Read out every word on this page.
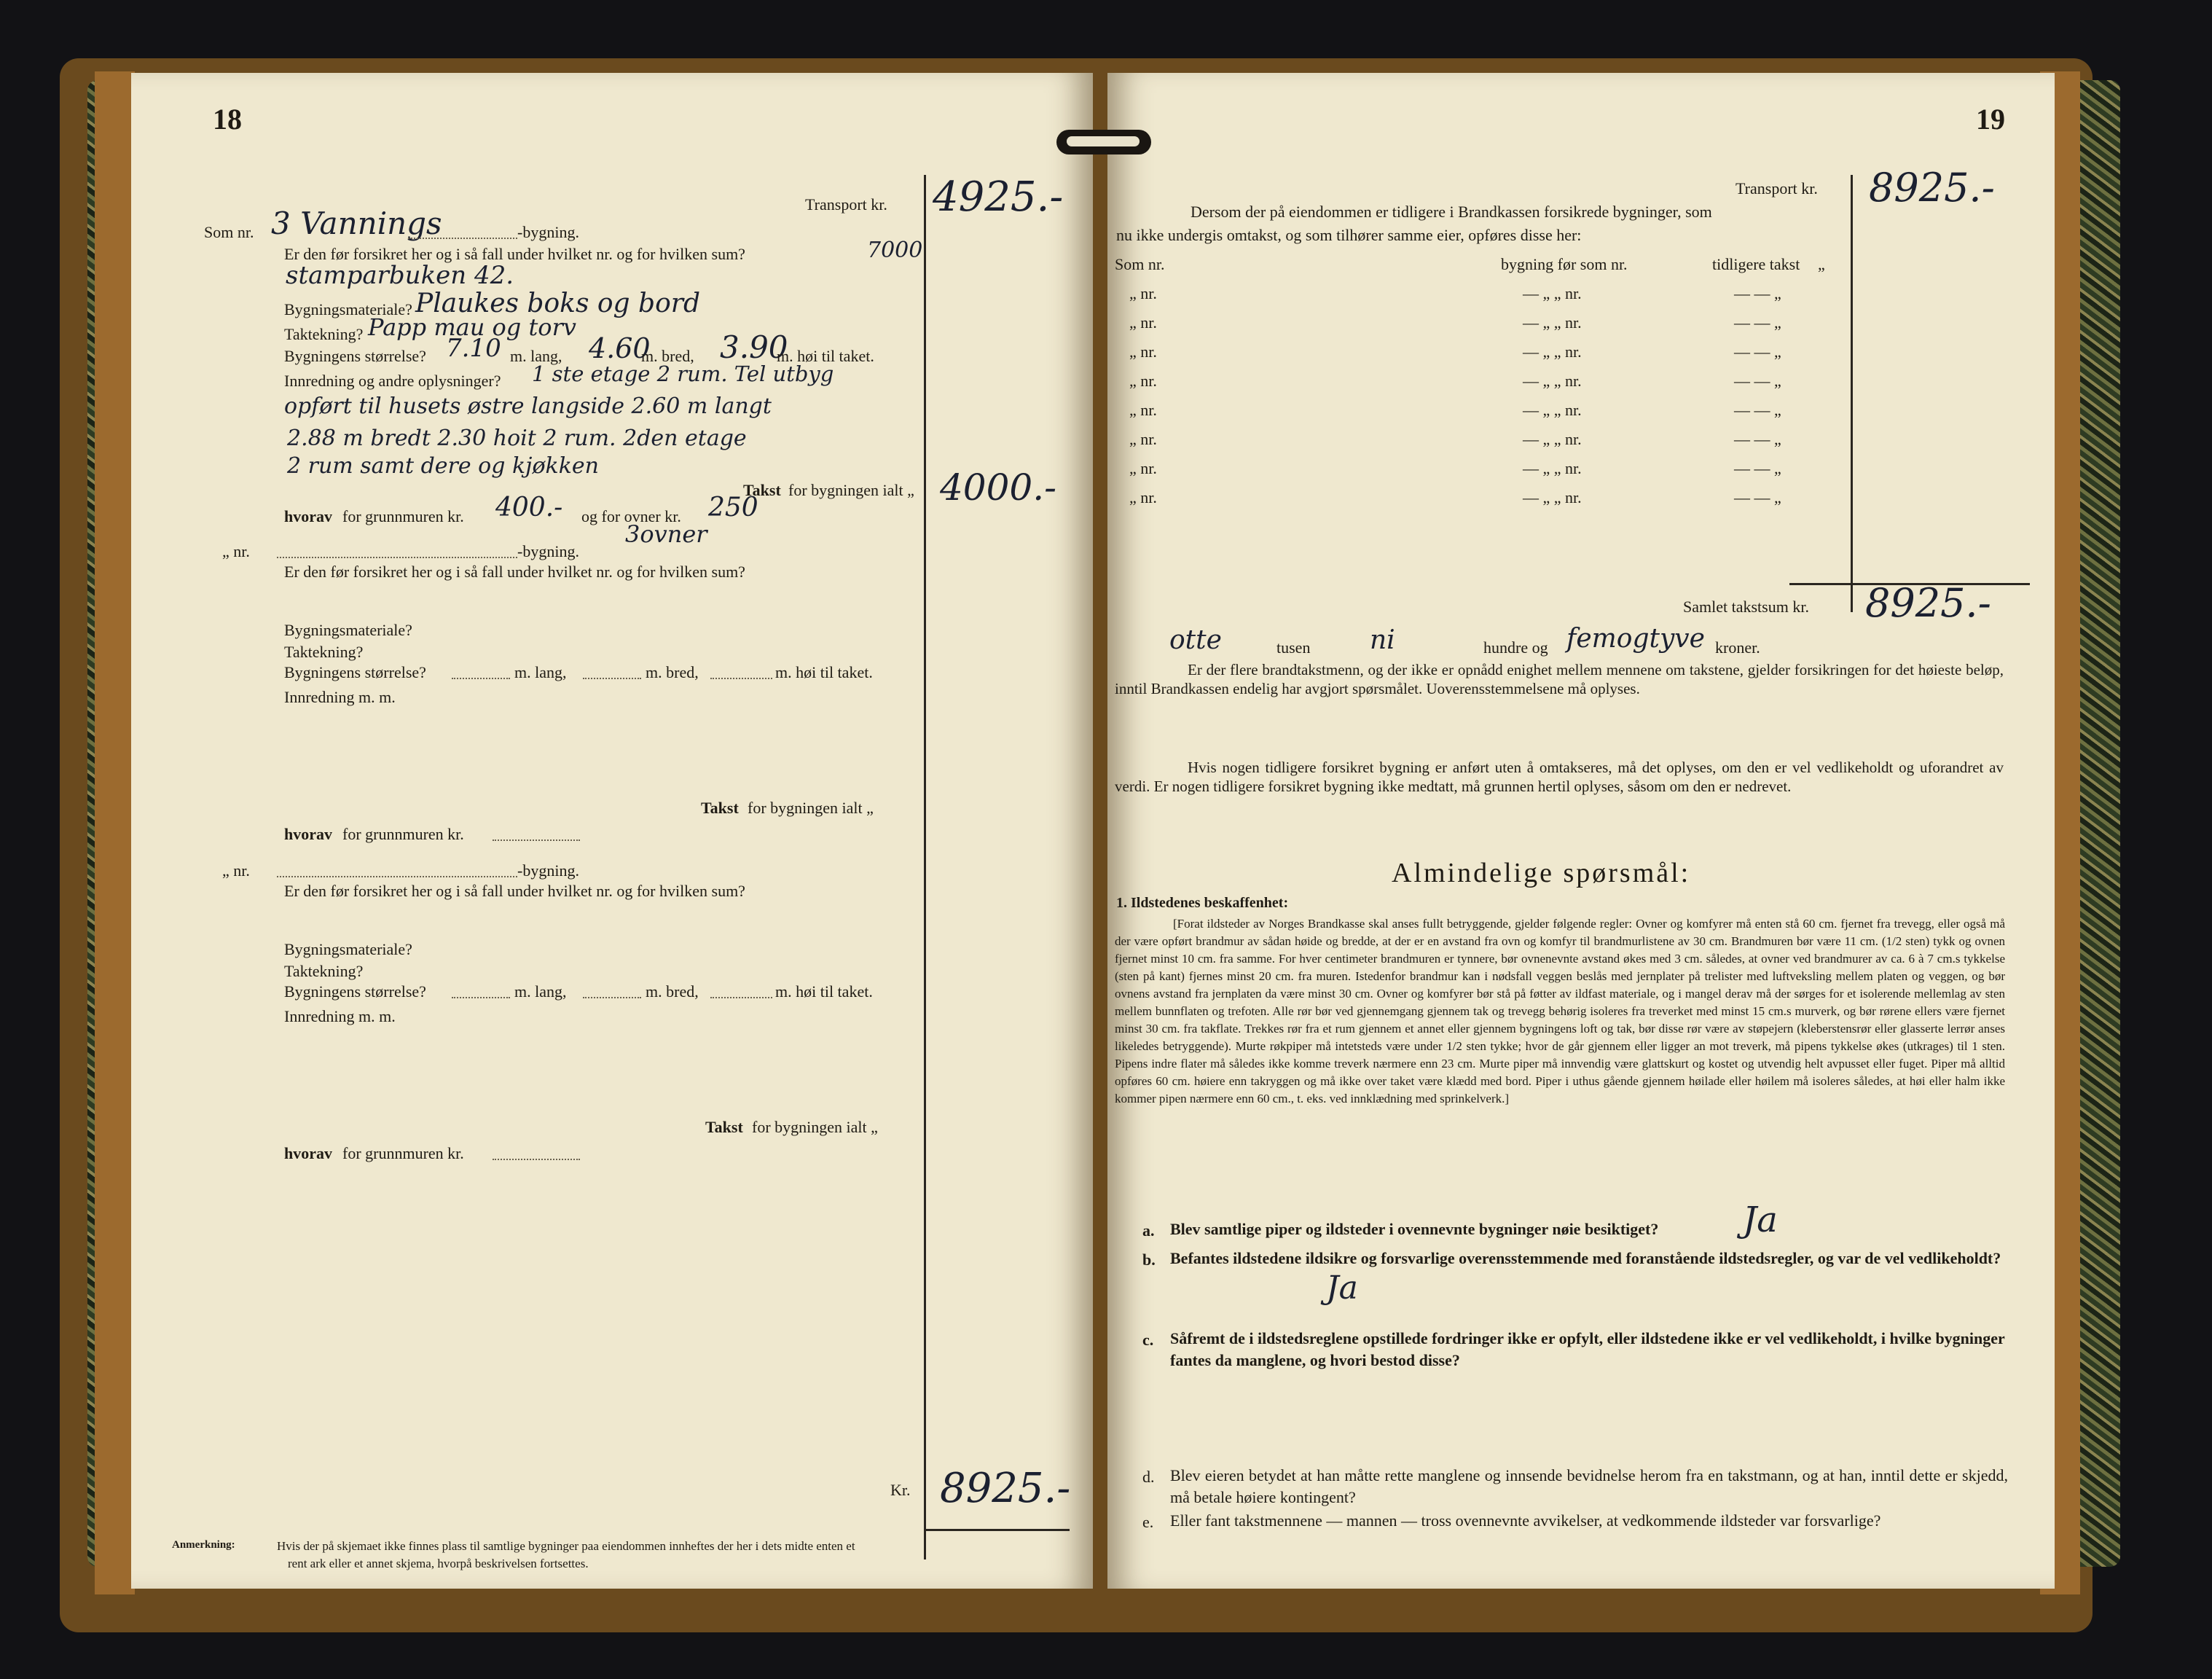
18
Transport kr. 4925.-
Som nr. 3 Vannings	-bygning.
Er den før forsikret her og i så fall under hvilket nr. og for hvilken sum?	7000
stamparbuken 42.
Bygningsmateriale? Plaukes boks og bord
Taktekning? Papp mau og torv
Bygningens størrelse? 7.10 m. lang, 4.60
m. bred, 3.90
m. høi til taket.
Innredning og andre oplysninger? 1 ste etage 2 rum. Tel utbyg
opført til husets østre langside 2.60 m langt
2.88 m bredt 2.30 hoit 2 rum. 2den etage
2 rum samt dere og kjøkken
Takst for bygningen ialt „ 4000.-
hvorav for grunnmuren kr. 400.- og for ovner kr. 250
3ovner
„ nr.	-bygning.
Er den før forsikret her og i så fall under hvilket nr. og for hvilken sum?
Bygningsmateriale?
Taktekning?
Bygningens størrelse?	m. lang,	m. bred,	m. høi til taket.
Innredning m. m.
Takst for bygningen ialt „
hvorav for grunnmuren kr.
„ nr.	-bygning.
Er den før forsikret her og i så fall under hvilket nr. og for hvilken sum?
Bygningsmateriale?
Taktekning?
Bygningens størrelse?	m. lang,	m. bred,	m. høi til taket.
Innredning m. m.
Takst for bygningen ialt „
hvorav for grunnmuren kr.
Kr. 8925.-
Anmerkning:	Hvis der på skjemaet ikke finnes plass til samtlige bygninger paa eiendommen innheftes der her i dets midte enten et
rent ark eller et annet skjema, hvorpå beskrivelsen fortsettes.
19
Transport kr. 8925.-
Dersom der på eiendommen er tidligere i Brandkassen forsikrede bygninger, som
nu ikke undergis omtakst, og som tilhører samme eier, opføres disse her:
Som nr.	bygning før som nr.	tidligere takst „
„ nr.	— „ „ nr.	— — „
„ nr.	— „ „ nr.	— — „
„ nr.	— „ „ nr.	— — „
„ nr.	— „ „ nr.	— — „
„ nr.	— „ „ nr.	— — „
„ nr.	— „ „ nr.	— — „
„ nr.	— „ „ nr.	— — „
„ nr.	— „ „ nr.	— — „
Samlet takstsum kr. 8925.-
otte	tusen ni	hundre og femogtyve kroner.
Er der flere brandtakstmenn, og der ikke er opnådd enighet mellem mennene om takstene, gjelder forsikringen for det høieste beløp, inntil Brandkassen endelig har avgjort spørsmålet. Uoverensstemmelsene må oplyses.
Hvis nogen tidligere forsikret bygning er anført uten å omtakseres, må det oplyses, om den er vel vedlikeholdt og uforandret av verdi. Er nogen tidligere forsikret bygning ikke medtatt, må grunnen hertil oplyses, såsom om den er nedrevet.
Almindelige spørsmål:
1. Ildstedenes beskaffenhet:
[Forat ildsteder av Norges Brandkasse skal anses fullt betryggende, gjelder følgende regler: Ovner og komfyrer må enten stå 60 cm. fjernet fra trevegg, eller også må der være opført brandmur av sådan høide og bredde, at der er en avstand fra ovn og komfyr til brandmurlistene av 30 cm. Brandmuren bør være 11 cm. (1/2 sten) tykk og ovnen fjernet minst 10 cm. fra samme. For hver centimeter brandmuren er tynnere, bør ovnenevnte avstand økes med 3 cm. således, at ovner ved brandmurer av ca. 6 à 7 cm.s tykkelse (sten på kant) fjernes minst 20 cm. fra muren. Istedenfor brandmur kan i nødsfall veggen beslås med jernplater på trelister med luftveksling mellem platen og veggen, og bør ovnens avstand fra jernplaten da være minst 30 cm. Ovner og komfyrer bør stå på føtter av ildfast materiale, og i mangel derav må der sørges for et isolerende mellemlag av sten mellem bunnflaten og trefoten. Alle rør bør ved gjennemgang gjennem tak og trevegg behørig isoleres fra treverket med minst 15 cm.s murverk, og bør rørene ellers være fjernet minst 30 cm. fra takflate. Trekkes rør fra et rum gjennem et annet eller gjennem bygningens loft og tak, bør disse rør være av støpejern (kleberstensrør eller glasserte lerrør anses likeledes betryggende). Murte røkpiper må intetsteds være under 1/2 sten tykke; hvor de går gjennem eller ligger an mot treverk, må pipens tykkelse økes (utkrages) til 1 sten. Pipens indre flater må således ikke komme treverk nærmere enn 23 cm. Murte piper må innvendig være glattskurt og kostet og utvendig helt avpusset eller fuget. Piper må alltid opføres 60 cm. høiere enn takryggen og må ikke over taket være klædd med bord. Piper i uthus gående gjennem høilade eller høilem må isoleres således, at høi eller halm ikke kommer pipen nærmere enn 60 cm., t. eks. ved innklædning med sprinkelverk.]
a. Blev samtlige piper og ildsteder i ovennevnte bygninger nøie besiktiget? Ja
b. Befantes ildstedene ildsikre og forsvarlige overensstemmende med foranstående ildstedsregler, og var de vel vedlikeholdt?
Ja
c. Såfremt de i ildstedsreglene opstillede fordringer ikke er opfylt, eller ildstedene ikke er vel vedlikeholdt, i hvilke bygninger fantes da manglene, og hvori bestod disse?
d. Blev eieren betydet at han måtte rette manglene og innsende bevidnelse herom fra en takstmann, og at han, inntil dette er skjedd, må betale høiere kontingent?
e. Eller fant takstmennene — mannen — tross ovennevnte avvikelser, at vedkommende ildsteder var forsvarlige?
